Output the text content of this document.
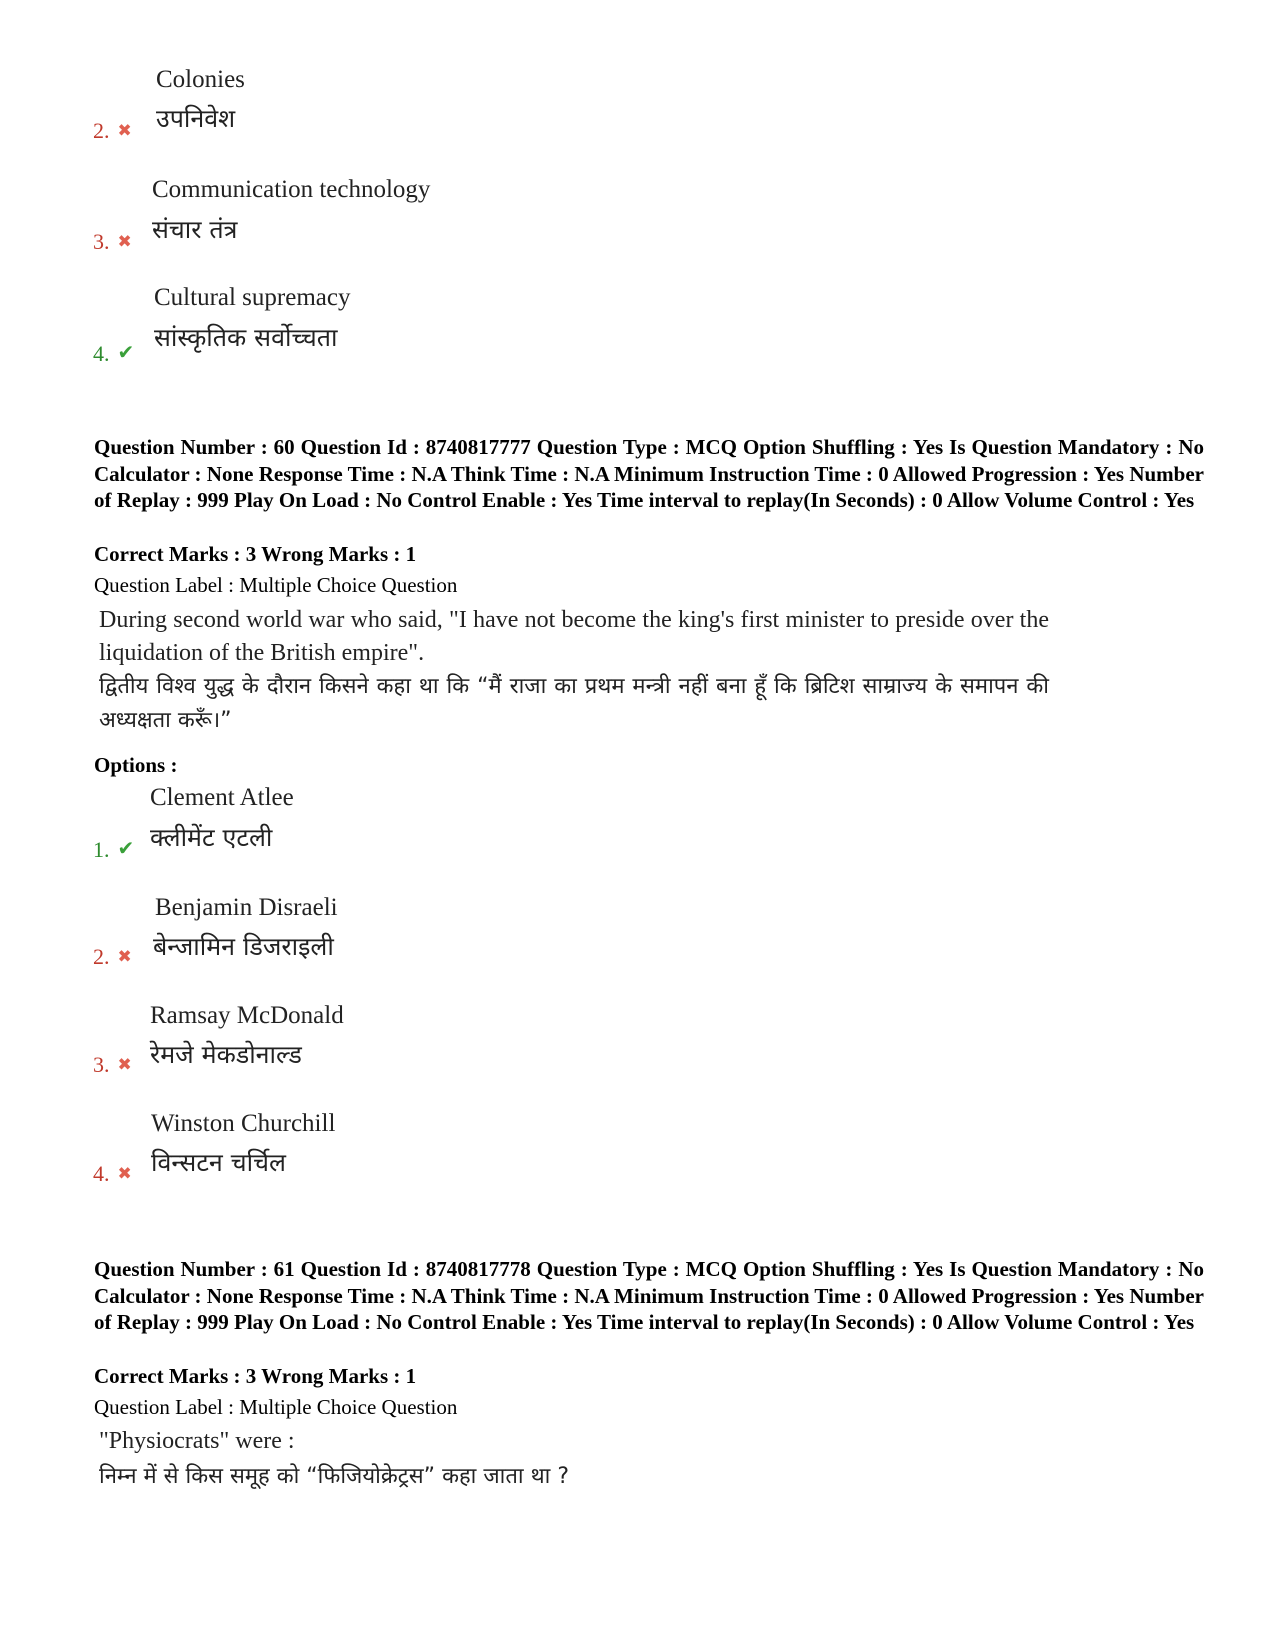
Colonies
उपनिवेश
2. ✖
Communication technology
संचार तंत्र
3. ✖
Cultural supremacy
सांस्कृतिक सर्वोच्चता
4. ✔
Question Number : 60 Question Id : 8740817777 Question Type : MCQ Option Shuffling : Yes Is Question Mandatory : No Calculator : None Response Time : N.A Think Time : N.A Minimum Instruction Time : 0 Allowed Progression : Yes Number of Replay : 999 Play On Load : No Control Enable : Yes Time interval to replay(In Seconds) : 0 Allow Volume Control : Yes
Correct Marks : 3 Wrong Marks : 1
Question Label : Multiple Choice Question
During second world war who said, "I have not become the king's first minister to preside over the liquidation of the British empire".
द्वितीय विश्व युद्ध के दौरान किसने कहा था कि “मैं राजा का प्रथम मन्त्री नहीं बना हूँ कि ब्रिटिश साम्राज्य के समापन की अध्यक्षता करूँ।”
Options :
Clement Atlee
क्लीमेंट एटली
1. ✔
Benjamin Disraeli
बेन्जामिन डिजराइली
2. ✖
Ramsay McDonald
रेमजे मेकडोनाल्ड
3. ✖
Winston Churchill
विन्सटन चर्चिल
4. ✖
Question Number : 61 Question Id : 8740817778 Question Type : MCQ Option Shuffling : Yes Is Question Mandatory : No Calculator : None Response Time : N.A Think Time : N.A Minimum Instruction Time : 0 Allowed Progression : Yes Number of Replay : 999 Play On Load : No Control Enable : Yes Time interval to replay(In Seconds) : 0 Allow Volume Control : Yes
Correct Marks : 3 Wrong Marks : 1
Question Label : Multiple Choice Question
"Physiocrats" were :
निम्न में से किस समूह को “फिजियोक्रेट्रस” कहा जाता था ?
